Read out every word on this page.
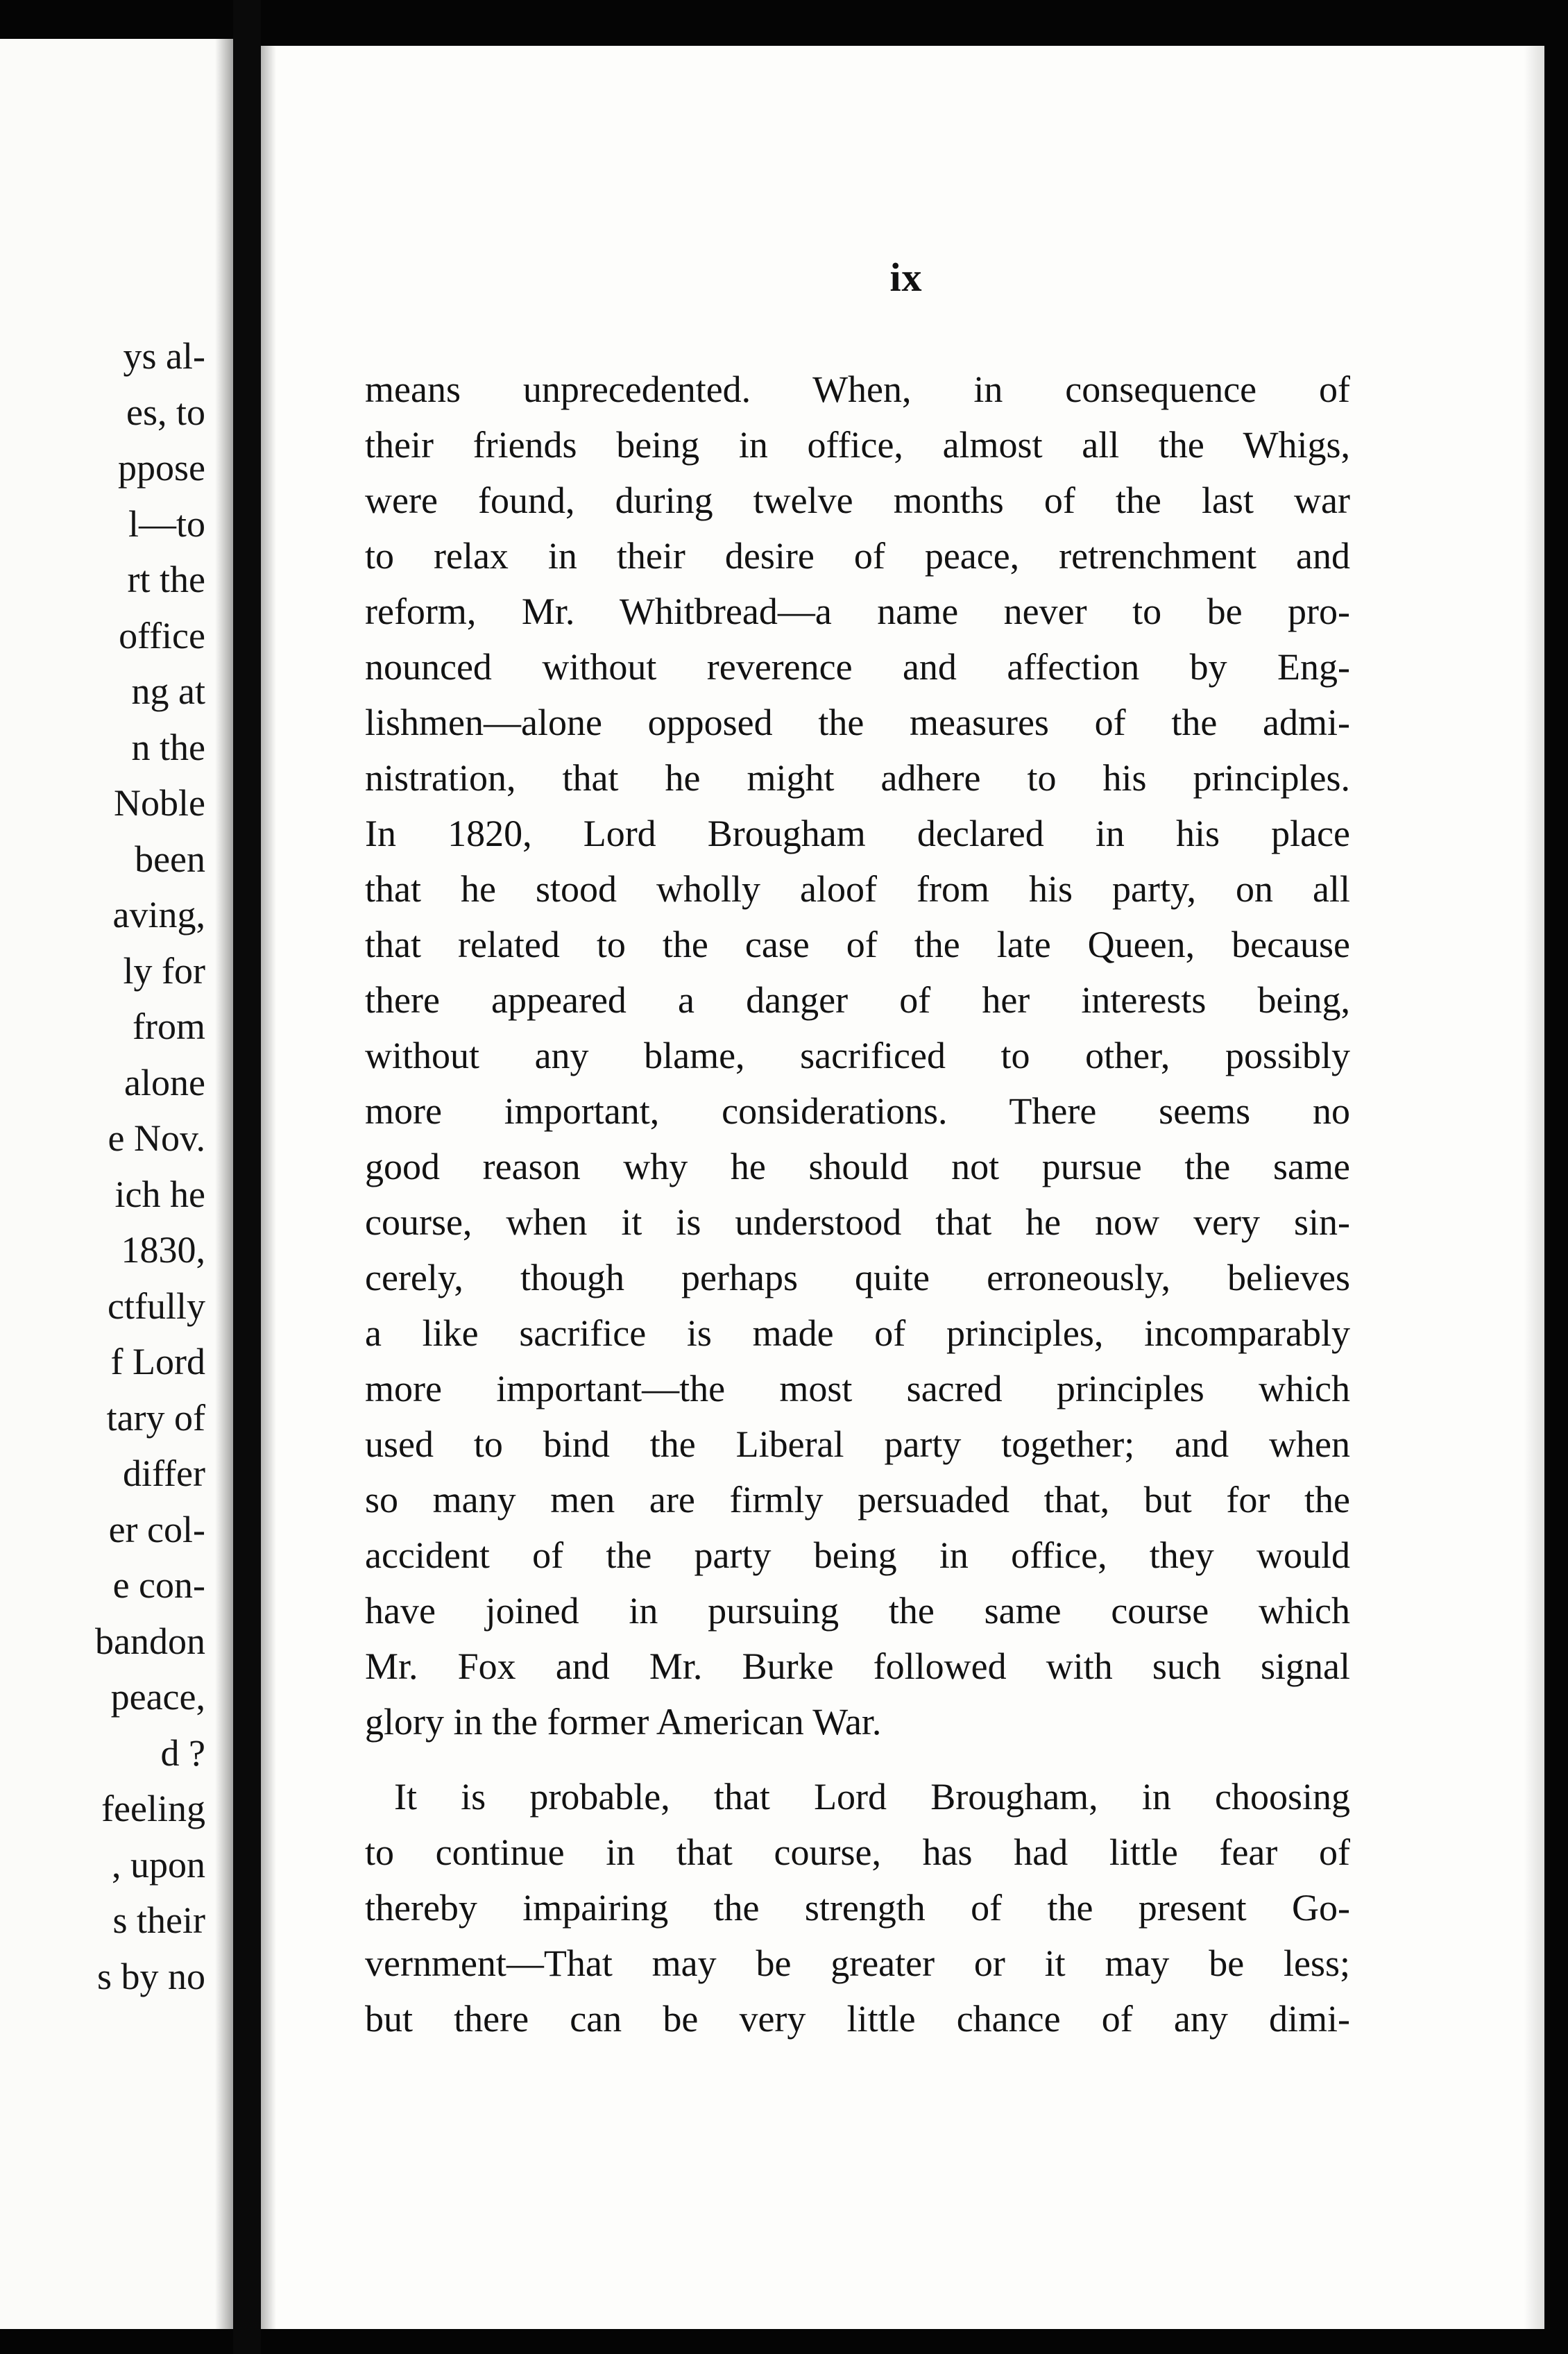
ys al-
es, to
ppose
l—to
rt the
office
ng at
n the
Noble
been
aving,
ly for
from
alone
e Nov.
ich he
1830,
ctfully
f Lord
tary of
differ
er col-
e con-
bandon
peace,
d ?
feeling
, upon
s their
s by no
ix
means unprecedented. When, in consequence of
their friends being in office, almost all the Whigs,
were found, during twelve months of the last war
to relax in their desire of peace, retrenchment and
reform, Mr. Whitbread—a name never to be pro-
nounced without reverence and affection by Eng-
lishmen—alone opposed the measures of the admi-
nistration, that he might adhere to his principles.
In 1820, Lord Brougham declared in his place
that he stood wholly aloof from his party, on all
that related to the case of the late Queen, because
there appeared a danger of her interests being,
without any blame, sacrificed to other, possibly
more important, considerations. There seems no
good reason why he should not pursue the same
course, when it is understood that he now very sin-
cerely, though perhaps quite erroneously, believes
a like sacrifice is made of principles, incomparably
more important—the most sacred principles which
used to bind the Liberal party together; and when
so many men are firmly persuaded that, but for the
accident of the party being in office, they would
have joined in pursuing the same course which
Mr. Fox and Mr. Burke followed with such signal
glory in the former American War.
It is probable, that Lord Brougham, in choosing
to continue in that course, has had little fear of
thereby impairing the strength of the present Go-
vernment—That may be greater or it may be less;
but there can be very little chance of any dimi-
